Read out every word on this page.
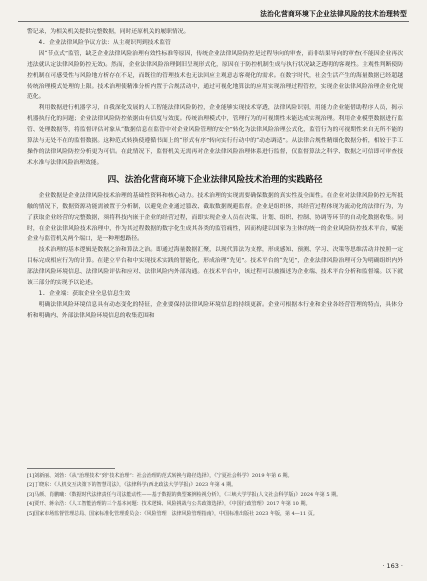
法治化营商环境下企业法律风险的技术治理转型

警记录，为相关机关提供完整数据，同时还原机关的履职情况。

4. 企业法律风险争议方法：从主观识判到技术监管

因“节点式”监管，缺乏企业法律风险治理有效性标准等原因，传统企业法律风险防控是过程导向的审查，而非结果导向的审查(不能因企业再次违法就认定法律风险防控无效)。然而，企业法律风险治理倒旧呈现形式化，原因在于防控机制生成与执行状况缺乏透明的客观性。主观性判断使防控机制在可感受性与风险地方析存在不足，而既往的管理技术也无法回应主观意志客观化的需求。在数字时代，社会生活产生的海量数据已经超越传统治理模式处理的上限。技术治理使精准分析内置于合规活动中，通过可视化地算法的应用实现治理过程管控，实现企业法律风险治理企业化规范化。

利用数据进行机器学习，自我深化发展的人工智能法律风险防控，企业能够实现技术穿透，法律风险识别，用能力企业能借助程序人员，揭示机器执行化的问题；企业法律风险防控依据由有信度与效度。传统治理模式中，管理行为的可视期性未能达成实现治理。利用企业模型数据进行监管、处理数据等，将监督评估对象从“数据信息在监管中对企业风险管理的安全”转化为法律风险治理公式化，监管行为的可视期性来自无所不能的算法与无处不在的监督数据。这种范式转换使遵循书面上的“形式有序”转向实行行动中的“动态调适”。从法律合规性精细化数据分析，相较于手工操作的法律风险防控分析更为可信。在此情况下，监督机关无需再对企业法律风险治理体系进行监督，仅监督算法之科学、数据之可信即可审查技术水准与法律风险治理效能。

四、法治化营商环境下企业法律风险技术治理的实践路径

企业数据是企业法律风险技术治理的基础性资料和核心动力。技术治理的实现需要确保数据的真实性及全面性。在企业对法律风险防控无所抵触的情况下，数据资源功能需被置于分析制，以避免企业通过篡改、截取数据规避监督。企业是组织体，其经营过程体现为流动化的法律行为，为了获取企业经营的完整数据，须将科技内嵌于企业的经营过程，而即实现企业人员在决策、计划、组织、控制、协调等环节的自动化数据收集。同时，在企业法律风险技术治理中，作为其过程数据的数字化生成其各类的监管痛性，因而构建以国家为主体的统一的企业风险防控技术平台，赋能企业与监管机关两个端口，是一种理想路径。

技术治理的基本逻辑是数据之治和算法之治。即通过海量数据汇聚，以现代算法为支撑，形成感知、预测、学习、决策等思维活动并按照一定目标完成相应行为的计算。在建立平台和中实现技术实践的智能化，形成治理“先见”。技术平台的“先见”，企业法律风险治理可分为明确组织内外部法律风险环境信息、法律风险评估和应对、法律风险内外部沟通。在技术平台中，该过程可以被描述为企业端、技术平台分析和监督端。以下就该三部分的实现予以论述。

1. 企业端：获取企业全息信息生效

明确法律风险环境信息具有动态变化的特征，企业要保持法律风险环境信息的持续更新。企业可根据本行业和企业各经营管理的特点，具体分析和明确内、外部法律风险环境信息的收集范围和

[1]刘新丽、刘勃：《从“治理技术”到“技术治理”：社会治理的范式转换与路径选择》，《宁夏社会科学》2019 年第 6 期。

[2]丁晓东：《人机交互决策下的智慧司法》，《法律科学(西北政法大学学报)》2023 年第 4 期。

[3]马颜、肖鹏曦：《数据时代法律责任与司法能动性——基于数据的典型案例检视分析》，《三峡大学学报(人文社会科学版)》2024 年第 5 期。

[4]贾开、蒋余浩：《人工智能治理的三个基本问题：技术逻辑、风险挑战与公共政策选择》，《中国行政管理》2017 年第 10 期。

[5]国家市场监督管理总局、国家标准化管理委员会：《风险管理　法律风险管理指南》，中国标准出版社 2023 年版，第 4—11 页。

· 163 ·
